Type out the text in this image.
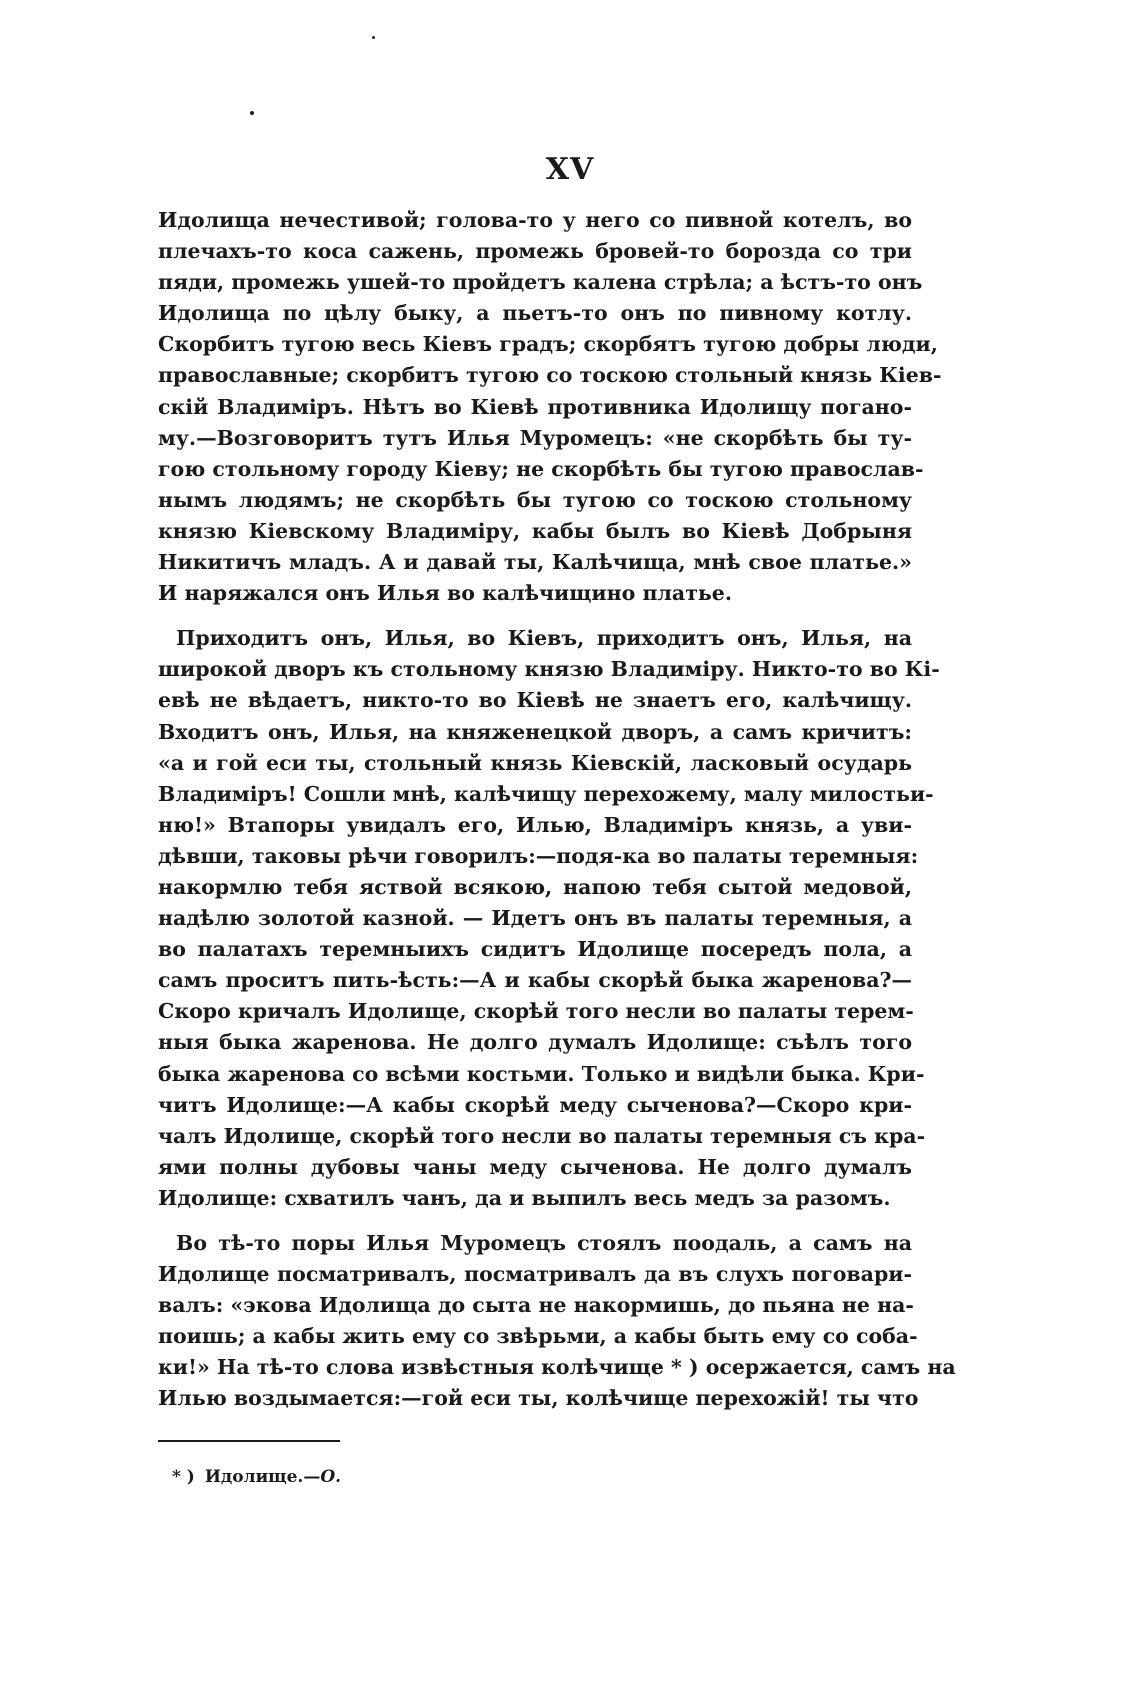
XV
Идолища нечестивой; голова-то у него со пивной котелъ, во
плечахъ-то коса сажень, промежь бровей-то борозда со три
пяди, промежь ушей-то пройдетъ калена стрѣла; а ѣстъ-то онъ
Идолища по цѣлу быку, а пьетъ-то онъ по пивному котлу.
Скорбитъ тугою весь Кіевъ градъ; скорбятъ тугою добры люди,
православные; скорбитъ тугою со тоскою стольный князь Кіев-
скій Владиміръ. Нѣтъ во Кіевѣ противника Идолищу погано-
му.—Возговоритъ тутъ Илья Муромецъ: «не скорбѣть бы ту-
гою стольному городу Кіеву; не скорбѣть бы тугою православ-
нымъ людямъ; не скорбѣть бы тугою со тоскою стольному
князю Кіевскому Владиміру, кабы былъ во Кіевѣ Добрыня
Никитичъ младъ. А и давай ты, Калѣчища, мнѣ свое платье.»
И наряжался онъ Илья во калѣчищино платье.
Приходитъ онъ, Илья, во Кіевъ, приходитъ онъ, Илья, на
широкой дворъ къ стольному князю Владиміру. Никто-то во Кі-
евѣ не вѣдаетъ, никто-то во Кіевѣ не знаетъ его, калѣчищу.
Входитъ онъ, Илья, на княженецкой дворъ, а самъ кричитъ:
«а и гой еси ты, стольный князь Кіевскій, ласковый осударь
Владиміръ! Сошли мнѣ, калѣчищу перехожему, малу милостьи-
ню!» Втапоры увидалъ его, Илью, Владиміръ князь, а уви-
дѣвши, таковы рѣчи говорилъ:—подя-ка во палаты теремныя:
накормлю тебя яствой всякою, напою тебя сытой медовой,
надѣлю золотой казной. — Идетъ онъ въ палаты теремныя, а
во палатахъ теремныихъ сидитъ Идолище посередъ пола, а
самъ проситъ пить-ѣсть:—А и кабы скорѣй быка жаренова?—
Скоро кричалъ Идолище, скорѣй того несли во палаты терем-
ныя быка жаренова. Не долго думалъ Идолище: съѣлъ того
быка жаренова со всѣми костьми. Только и видѣли быка. Кри-
читъ Идолище:—А кабы скорѣй меду сыченова?—Скоро кри-
чалъ Идолище, скорѣй того несли во палаты теремныя съ кра-
ями полны дубовы чаны меду сыченова. Не долго думалъ
Идолище: схватилъ чанъ, да и выпилъ весь медъ за разомъ.
Во тѣ-то поры Илья Муромецъ стоялъ поодаль, а самъ на
Идолище посматривалъ, посматривалъ да въ слухъ поговари-
валъ: «экова Идолища до сыта не накормишь, до пьяна не на-
поишь; а кабы жить ему со звѣрьми, а кабы быть ему со соба-
ки!» На тѣ-то слова извѣстныя колѣчище * ) осержается, самъ на
Илью воздымается:—гой еси ты, колѣчище перехожій! ты что
* ) Идолище.—О.
